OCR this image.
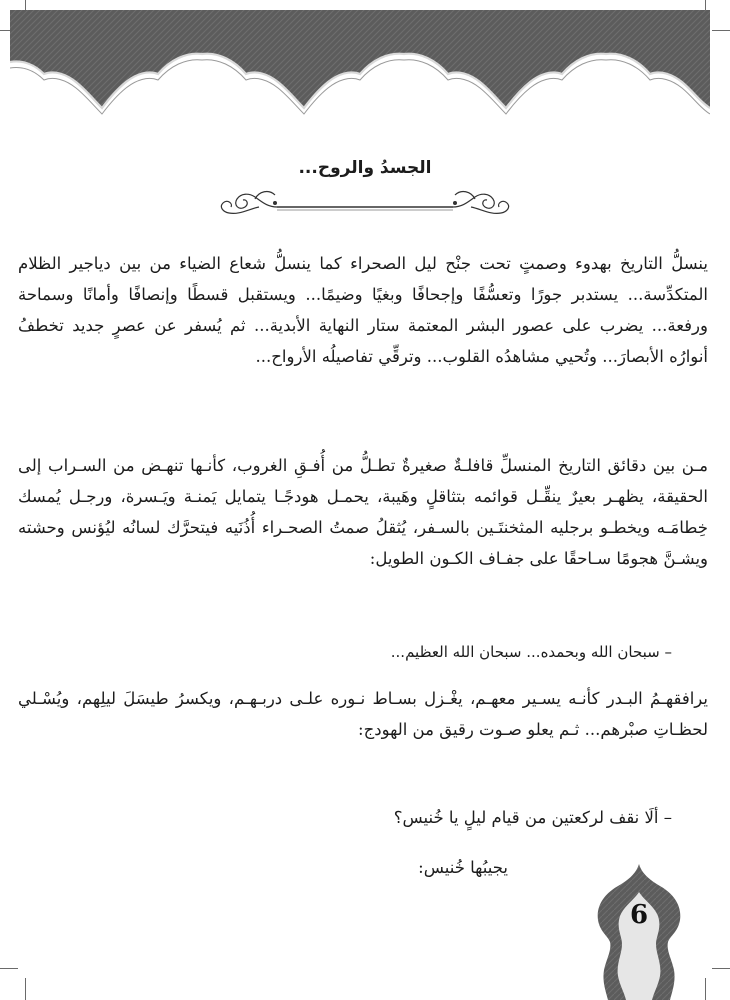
الجسدُ والروح...
ينسلُّ التاريخ بهدوء وصمتٍ تحت جنْح ليل الصحراء كما ينسلُّ شعاع الضياء من بين دياجير الظلام المتكدِّسة... يستدبر جورًا وتعسُّفًا وإجحافًا وبغيًا وضيمًا... ويستقبل قسطًا وإنصافًا وأمانًا وسماحة ورفعة... يضرب على عصور البشر المعتمة ستار النهاية الأبدية... ثم يُسفر عن عصرٍ جديد تخطفُ أنوارُه الأبصارَ... وتُحيي مشاهدُه القلوب... وترقِّي تفاصيلُه الأرواح...
مـن بين دقائق التاريخ المنسلِّ قافلـةٌ صغيرةٌ تطـلُّ من أُفـقِ الغروب، كأنـها تنهـض من السـراب إلى الحقيقة، يظهـر بعيرٌ ينقِّـل قوائمه بتثاقلٍ وهَيبة، يحمـل هودجًـا يتمايل يَمنـة ويَـسرة، ورجـل يُمسك خِطامَـه ويخطـو برجليه المثخنتَـين بالسـفر، يُثقلُ صمتُ الصحـراء أُذُنَيه فيتحرَّك لسانُه ليُؤنس وحشته ويشـنَّ هجومًا سـاحقًا على جفـاف الكـون الطويل:
– سبحان الله وبحمده... سبحان الله العظيم...
يرافقهـمُ البـدر كأنـه يسـير معهـم، يغْـزل بسـاط نـوره علـى دربـهـم، ويكسرُ طيسَلَ ليلِهم، ويُسْـلي لحظـاتِ صبْرهم... ثـم يعلو صـوت رقيق من الهودج:
– ألَا نقف لركعتين من قيام ليلٍ يا خُنيس؟
يجيبُها خُنيس:
6
